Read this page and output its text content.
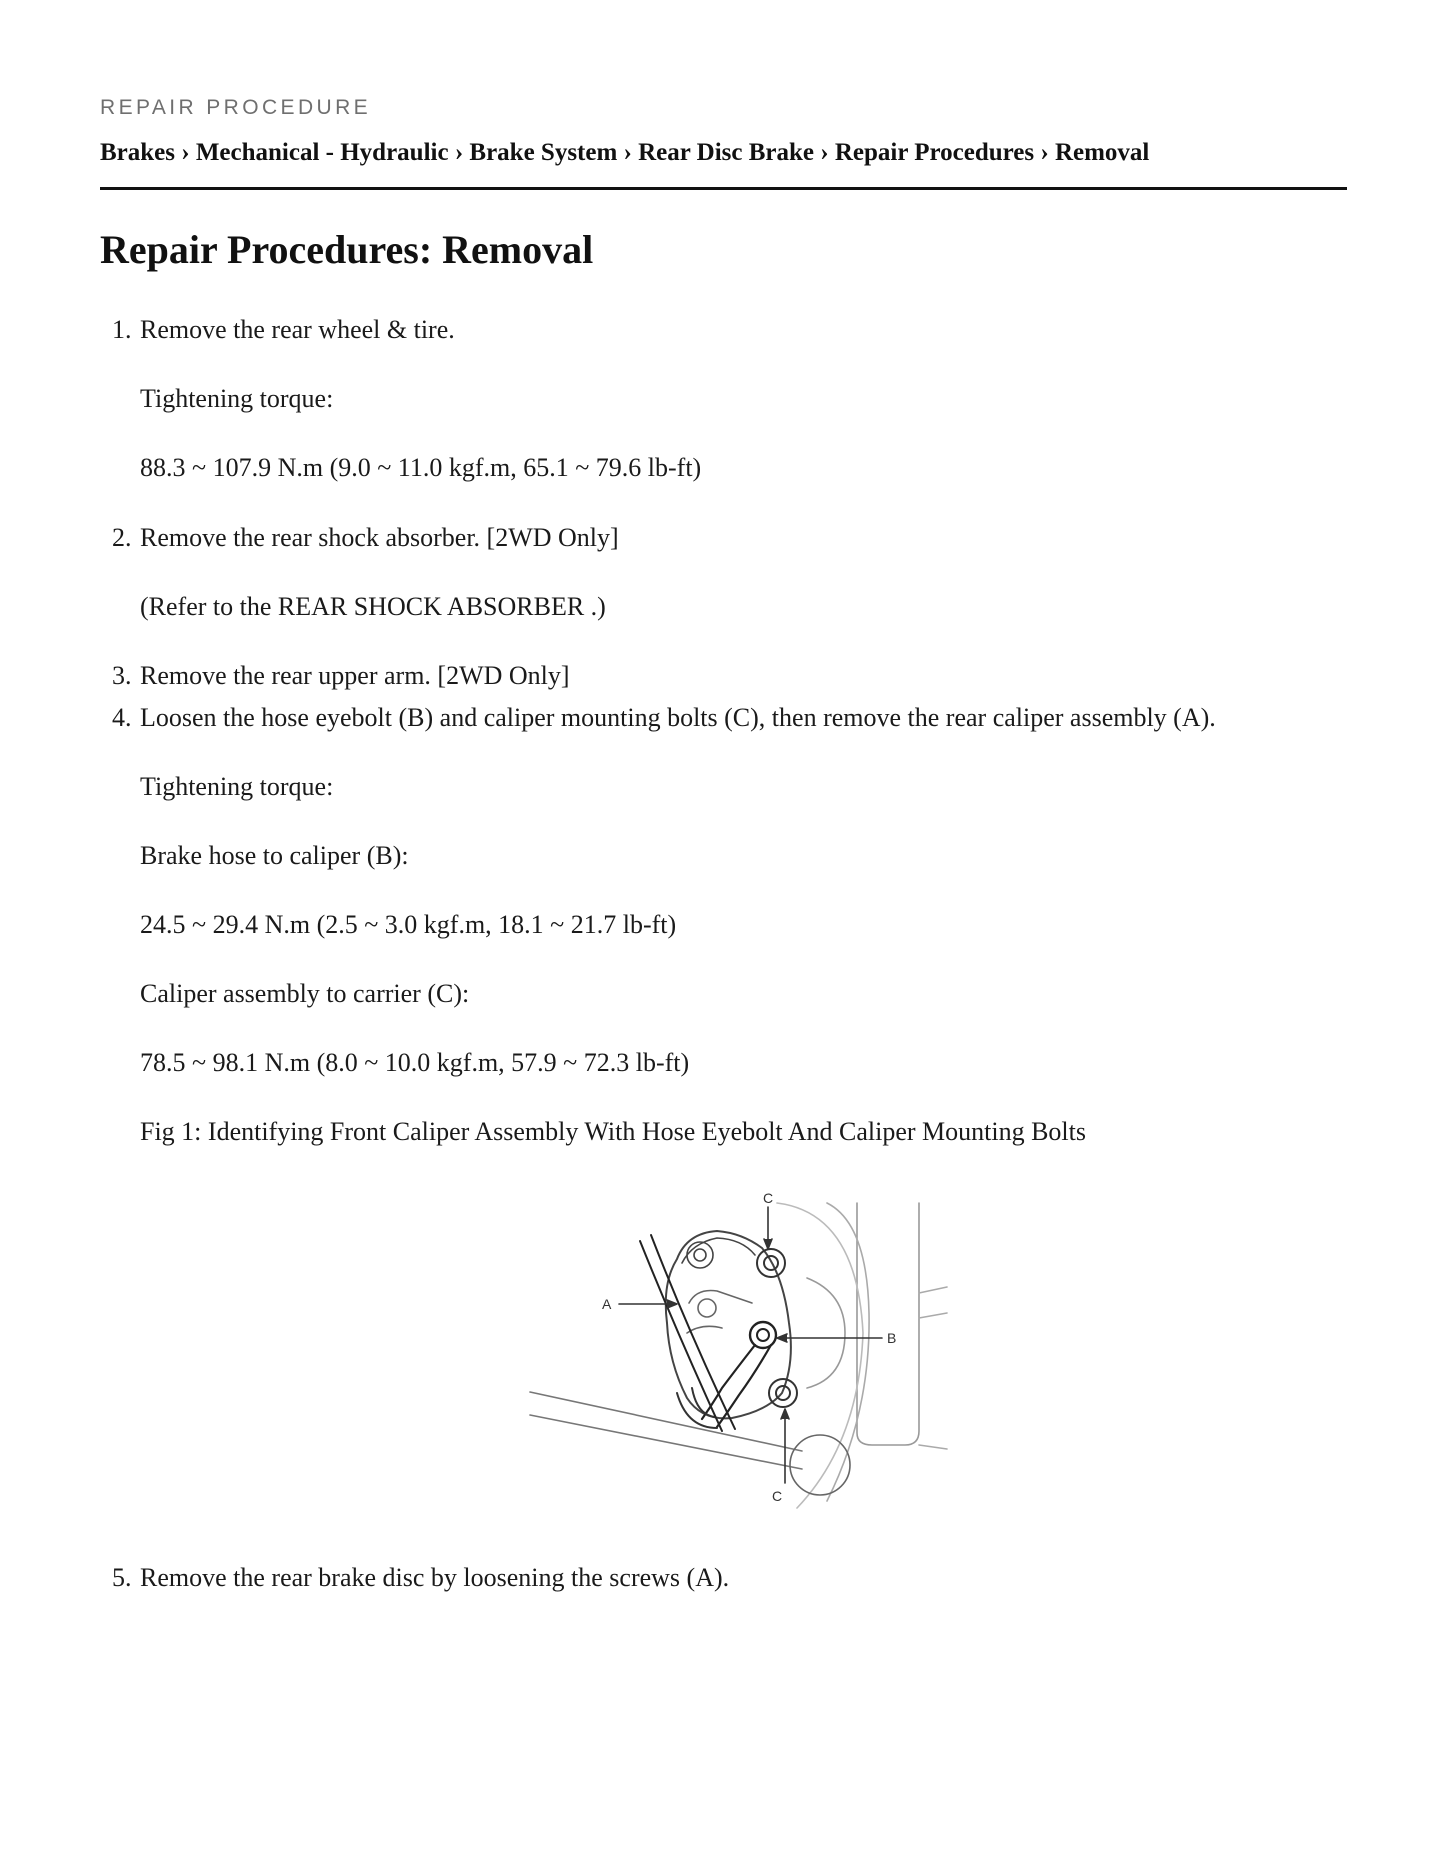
REPAIR PROCEDURE
Brakes › Mechanical - Hydraulic › Brake System › Rear Disc Brake › Repair Procedures › Removal
Repair Procedures: Removal
1. Remove the rear wheel & tire.
Tightening torque:
88.3 ~ 107.9 N.m (9.0 ~ 11.0 kgf.m, 65.1 ~ 79.6 lb-ft)
2. Remove the rear shock absorber. [2WD Only]
(Refer to the REAR SHOCK ABSORBER .)
3. Remove the rear upper arm. [2WD Only]
4. Loosen the hose eyebolt (B) and caliper mounting bolts (C), then remove the rear caliper assembly (A).
Tightening torque:
Brake hose to caliper (B):
24.5 ~ 29.4 N.m (2.5 ~ 3.0 kgf.m, 18.1 ~ 21.7 lb-ft)
Caliper assembly to carrier (C):
78.5 ~ 98.1 N.m (8.0 ~ 10.0 kgf.m, 57.9 ~ 72.3 lb-ft)
Fig 1: Identifying Front Caliper Assembly With Hose Eyebolt And Caliper Mounting Bolts
C
A
B
C
5. Remove the rear brake disc by loosening the screws (A).
